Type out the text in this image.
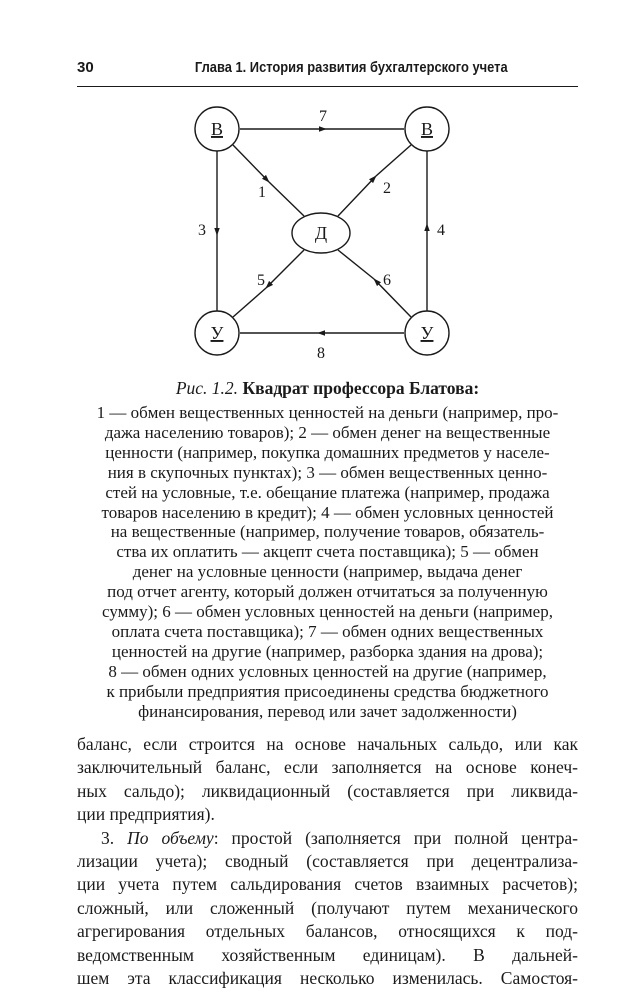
30	Глава 1. История развития бухгалтерского учета
В	В
У	У
Д
1	2
3	4
5	6
7
8
Рис. 1.2. Квадрат профессора Блатова:
1 — обмен вещественных ценностей на деньги (например, про-
дажа населению товаров); 2 — обмен денег на вещественные
ценности (например, покупка домашних предметов у населе-
ния в скупочных пунктах); 3 — обмен вещественных ценно-
стей на условные, т.е. обещание платежа (например, продажа
товаров населению в кредит); 4 — обмен условных ценностей
на вещественные (например, получение товаров, обязатель-
ства их оплатить — акцепт счета поставщика); 5 — обмен
денег на условные ценности (например, выдача денег
под отчет агенту, который должен отчитаться за полученную
сумму); 6 — обмен условных ценностей на деньги (например,
оплата счета поставщика); 7 — обмен одних вещественных
ценностей на другие (например, разборка здания на дрова);
8 — обмен одних условных ценностей на другие (например,
к прибыли предприятия присоединены средства бюджетного
финансирования, перевод или зачет задолженности)
баланс, если строится на основе начальных сальдо, или как
заключительный баланс, если заполняется на основе конеч-
ных сальдо); ликвидационный (составляется при ликвида-
ции предприятия).
3. По объему: простой (заполняется при полной центра-
лизации учета); сводный (составляется при децентрализа-
ции учета путем сальдирования счетов взаимных расчетов);
сложный, или сложенный (получают путем механического
агрегирования отдельных балансов, относящихся к под-
ведомственным хозяйственным единицам). В дальней-
шем эта классификация несколько изменилась. Самостоя-
